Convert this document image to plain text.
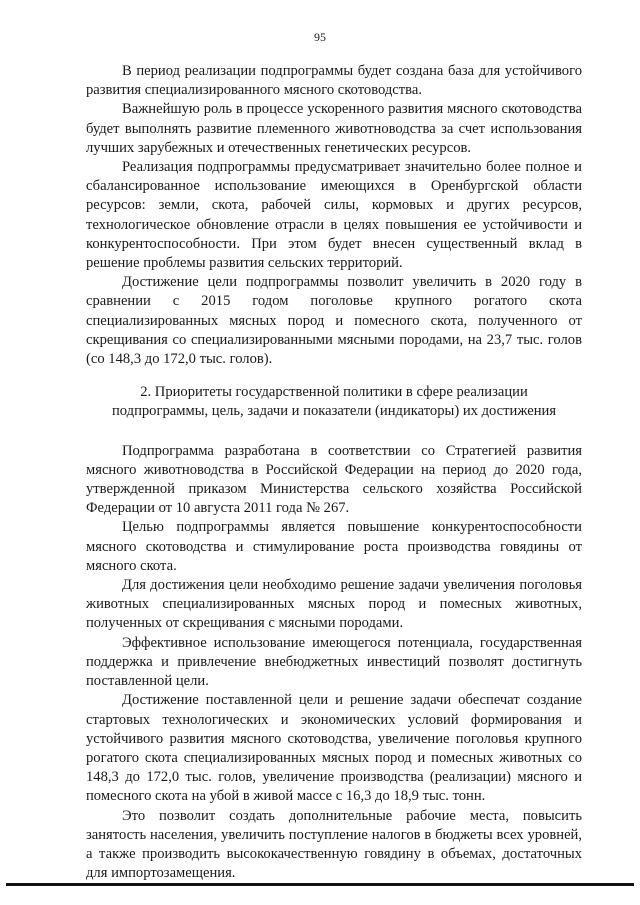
95

В период реализации подпрограммы будет создана база для устойчивого развития специализированного мясного скотоводства.

Важнейшую роль в процессе ускоренного развития мясного скотоводства будет выполнять развитие племенного животноводства за счет использования лучших зарубежных и отечественных генетических ресурсов.

Реализация подпрограммы предусматривает значительно более полное и сбалансированное использование имеющихся в Оренбургской области ресурсов: земли, скота, рабочей силы, кормовых и других ресурсов, технологическое обновление отрасли в целях повышения ее устойчивости и конкурентоспособности. При этом будет внесен существенный вклад в решение проблемы развития сельских территорий.

Достижение цели подпрограммы позволит увеличить в 2020 году в сравнении с 2015 годом поголовье крупного рогатого скота специализированных мясных пород и помесного скота, полученного от скрещивания со специализированными мясными породами, на 23,7 тыс. голов (со 148,3 до 172,0 тыс. голов).

2. Приоритеты государственной политики в сфере реализации
подпрограммы, цель, задачи и показатели (индикаторы) их достижения

Подпрограмма разработана в соответствии со Стратегией развития мясного животноводства в Российской Федерации на период до 2020 года, утвержденной приказом Министерства сельского хозяйства Российской Федерации от 10 августа 2011 года № 267.

Целью подпрограммы является повышение конкурентоспособности мясного скотоводства и стимулирование роста производства говядины от мясного скота.

Для достижения цели необходимо решение задачи увеличения поголовья животных специализированных мясных пород и помесных животных, полученных от скрещивания с мясными породами.

Эффективное использование имеющегося потенциала, государственная поддержка и привлечение внебюджетных инвестиций позволят достигнуть поставленной цели.

Достижение поставленной цели и решение задачи обеспечат создание стартовых технологических и экономических условий формирования и устойчивого развития мясного скотоводства, увеличение поголовья крупного рогатого скота специализированных мясных пород и помесных животных со 148,3 до 172,0 тыс. голов, увеличение производства (реализации) мясного и помесного скота на убой в живой массе с 16,3 до 18,9 тыс. тонн.

Это позволит создать дополнительные рабочие места, повысить занятость населения, увеличить поступление налогов в бюджеты всех уровней, а также производить высококачественную говядину в объемах, достаточных для импортозамещения.
